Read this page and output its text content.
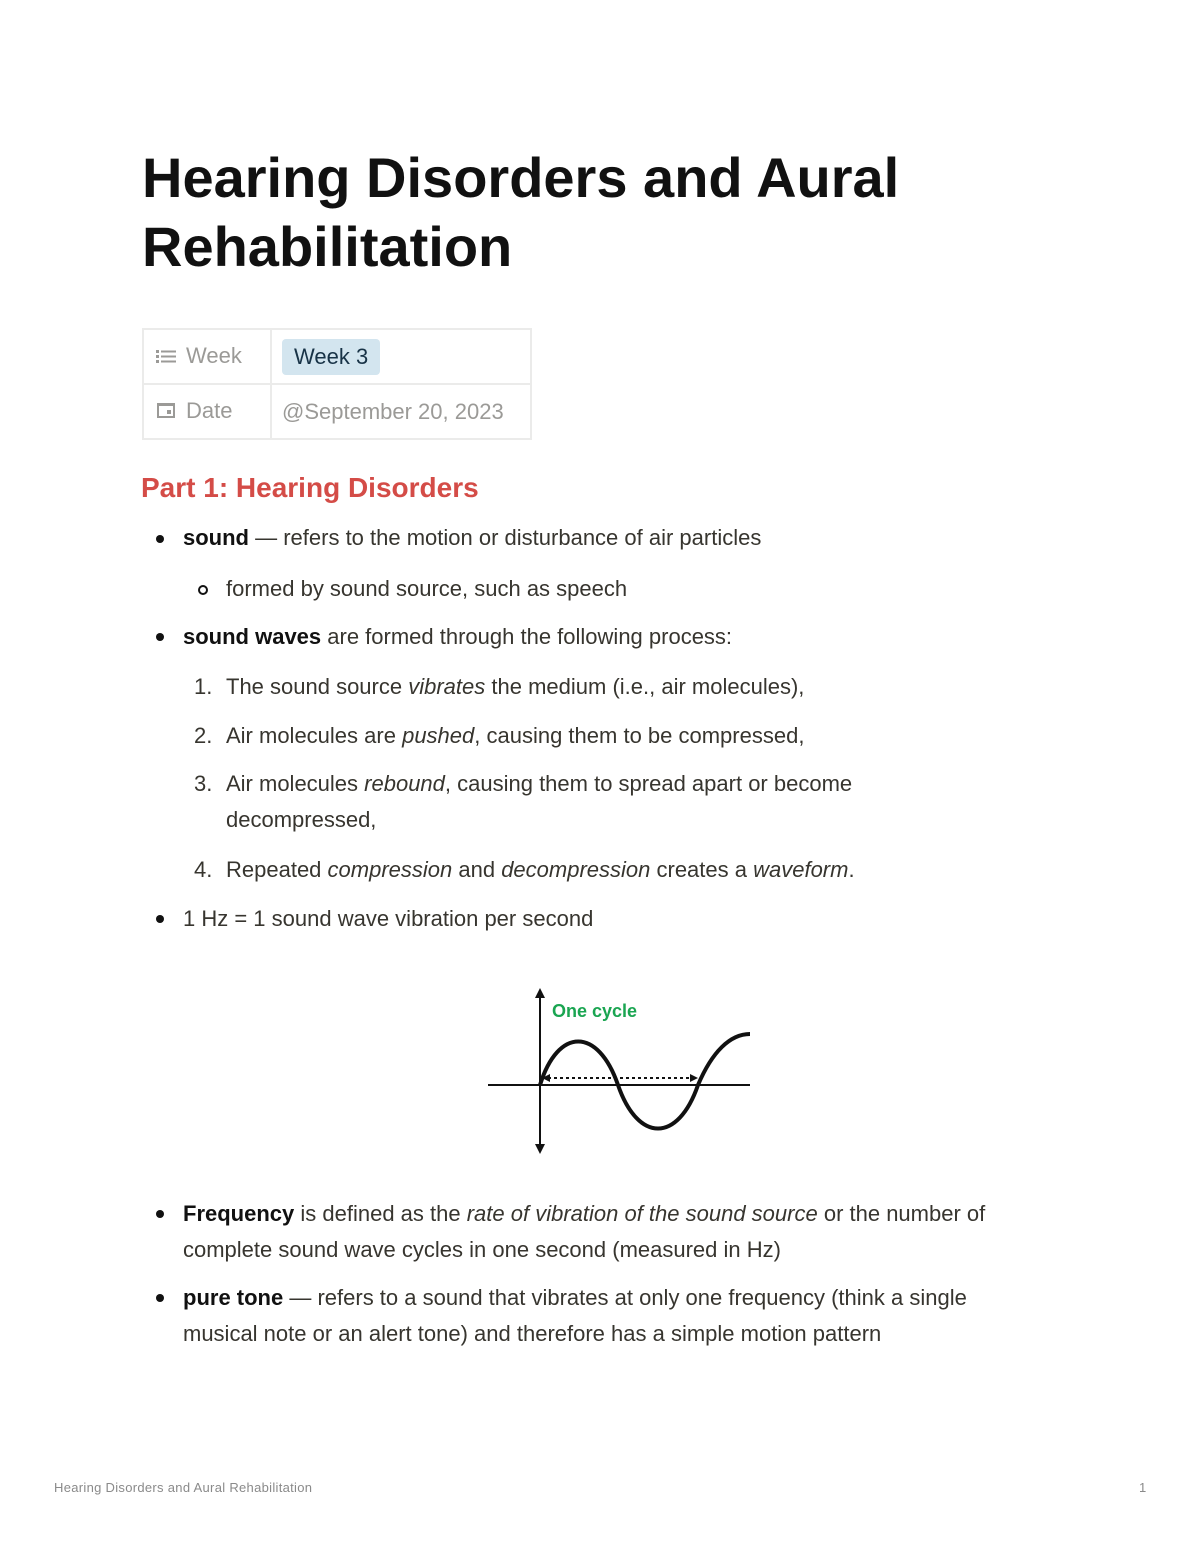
Hearing Disorders and Aural Rehabilitation
Week	Week 3
Date	@September 20, 2023
Part 1: Hearing Disorders
sound — refers to the motion or disturbance of air particles
formed by sound source, such as speech
sound waves are formed through the following process:
1. The sound source vibrates the medium (i.e., air molecules),
2. Air molecules are pushed, causing them to be compressed,
3. Air molecules rebound, causing them to spread apart or become
decompressed,
4. Repeated compression and decompression creates a waveform.
1 Hz = 1 sound wave vibration per second
One cycle
Frequency is defined as the rate of vibration of the sound source or the number of
complete sound wave cycles in one second (measured in Hz)
pure tone — refers to a sound that vibrates at only one frequency (think a single
musical note or an alert tone) and therefore has a simple motion pattern
Hearing Disorders and Aural Rehabilitation	1
